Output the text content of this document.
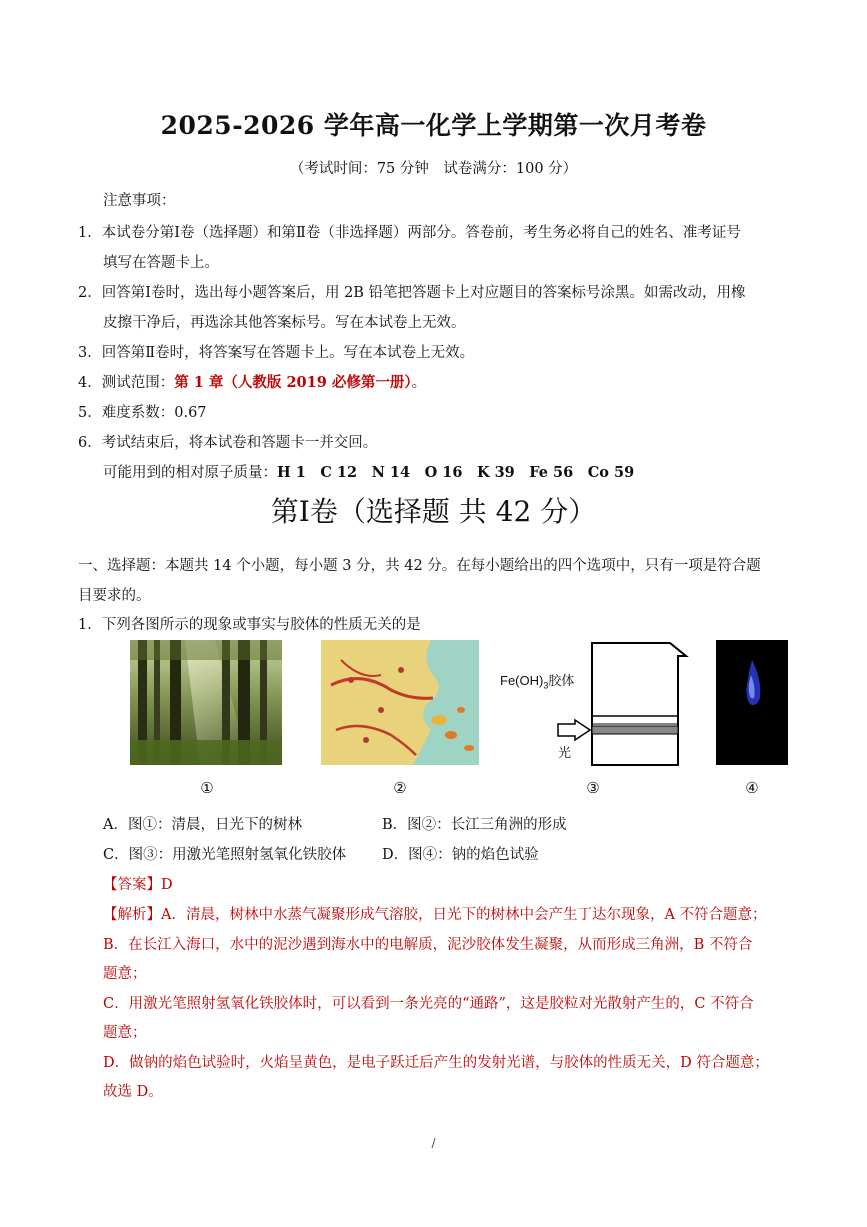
2025-2026 学年高一化学上学期第一次月考卷
（考试时间：75 分钟　试卷满分：100 分）
注意事项：
1．本试卷分第Ⅰ卷（选择题）和第Ⅱ卷（非选择题）两部分。答卷前，考生务必将自己的姓名、准考证号
填写在答题卡上。
2．回答第Ⅰ卷时，选出每小题答案后，用 2B 铅笔把答题卡上对应题目的答案标号涂黑。如需改动，用橡
皮擦干净后，再选涂其他答案标号。写在本试卷上无效。
3．回答第Ⅱ卷时，将答案写在答题卡上。写在本试卷上无效。
4．测试范围：第 1 章（人教版 2019 必修第一册）。
5．难度系数：0.67
6．考试结束后，将本试卷和答题卡一并交回。
可能用到的相对原子质量：H 1　C 12　N 14　O 16　K 39　Fe 56　Co 59
第Ⅰ卷（选择题 共 42 分）
一、选择题：本题共 14 个小题，每小题 3 分，共 42 分。在每小题给出的四个选项中，只有一项是符合题
目要求的。
1．下列各图所示的现象或事实与胶体的性质无关的是
$Fe(OH)_3$胶体
光
①	②	③	④
A．图①：清晨，日光下的树林	B．图②：长江三角洲的形成
C．图③：用激光笔照射氢氧化铁胶体 D．图④：钠的焰色试验
【答案】D
【解析】A．清晨，树林中水蒸气凝聚形成气溶胶，日光下的树林中会产生丁达尔现象，A 不符合题意；
B．在长江入海口，水中的泥沙遇到海水中的电解质，泥沙胶体发生凝聚，从而形成三角洲，B 不符合
题意；
C．用激光笔照射氢氧化铁胶体时，可以看到一条光亮的“通路”，这是胶粒对光散射产生的，C 不符合
题意；
D．做钠的焰色试验时，火焰呈黄色，是电子跃迁后产生的发射光谱，与胶体的性质无关，D 符合题意；
故选 D。
/
